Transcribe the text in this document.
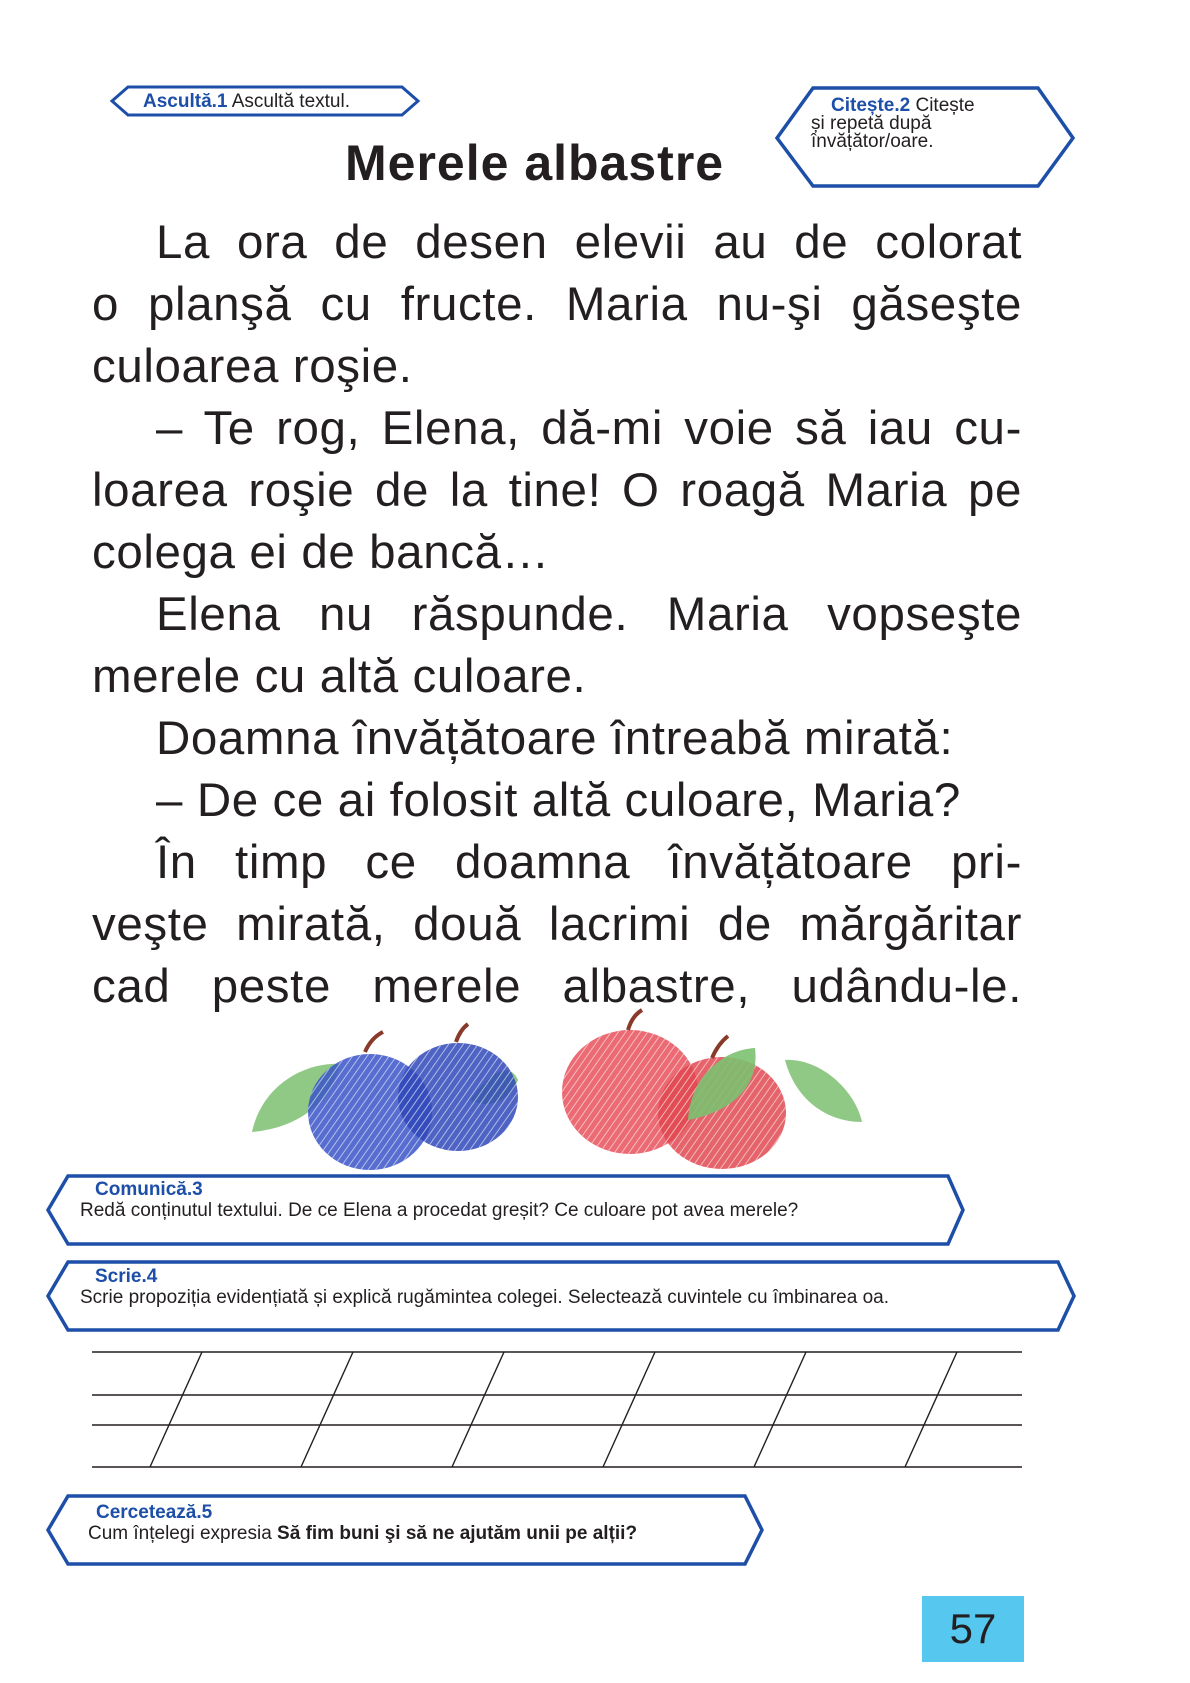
Ascultă.1 Ascultă textul.	Citește.2 Citește
și repetă după
învățător/oare.
Merele albastre
La ora de desen elevii au de colorat
o planşă cu fructe. Maria nu-şi găseşte
culoarea roşie.
– Te rog, Elena, dă-mi voie să iau cu-
loarea roşie de la tine! O roagă Maria pe
colega ei de bancă…
Elena nu răspunde. Maria vopseşte
merele cu altă culoare.
Doamna învățătoare întreabă mirată:
– De ce ai folosit altă culoare, Maria?
În timp ce doamna învățătoare pri-
veşte mirată, două lacrimi de mărgăritar
cad peste merele albastre, udându-le.
Comunică.3
Redă conținutul textului. De ce Elena a procedat greșit? Ce culoare pot avea merele?
Scrie.4
Scrie propoziția evidențiată și explică rugămintea colegei. Selectează cuvintele cu îmbinarea oa.
Cercetează.5
Cum înțelegi expresia Să fim buni şi să ne ajutăm unii pe alții?
57
